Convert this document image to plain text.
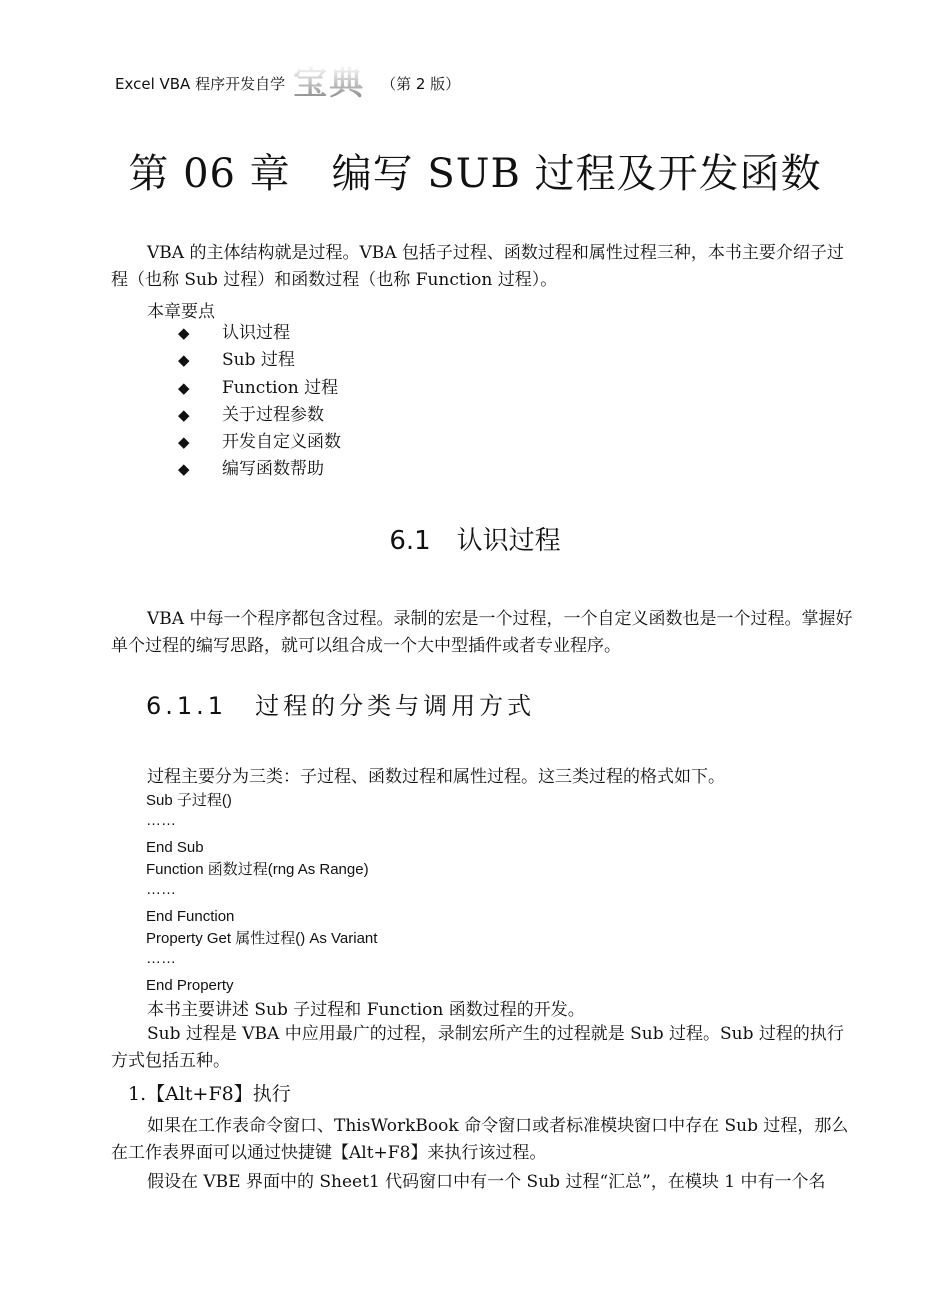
Excel VBA 程序开发自学 宝典 （第 2 版）
第 06 章　编写 SUB 过程及开发函数
VBA 的主体结构就是过程。VBA 包括子过程、函数过程和属性过程三种，本书主要介绍子过程（也称 Sub 过程）和函数过程（也称 Function 过程）。
本章要点
◆	认识过程
◆	Sub 过程
◆	Function 过程
◆	关于过程参数
◆	开发自定义函数
◆	编写函数帮助
6.1　认识过程
VBA 中每一个程序都包含过程。录制的宏是一个过程，一个自定义函数也是一个过程。掌握好单个过程的编写思路，就可以组合成一个大中型插件或者专业程序。
6.1.1　过程的分类与调用方式
过程主要分为三类：子过程、函数过程和属性过程。这三类过程的格式如下。
Sub 子过程()
……
End Sub
Function 函数过程(rng As Range)
……
End Function
Property Get 属性过程() As Variant
……
End Property
本书主要讲述 Sub 子过程和 Function 函数过程的开发。
Sub 过程是 VBA 中应用最广的过程，录制宏所产生的过程就是 Sub 过程。Sub 过程的执行方式包括五种。
1.【Alt+F8】执行
如果在工作表命令窗口、ThisWorkBook 命令窗口或者标准模块窗口中存在 Sub 过程，那么在工作表界面可以通过快捷键【Alt+F8】来执行该过程。
假设在 VBE 界面中的 Sheet1 代码窗口中有一个 Sub 过程“汇总”，在模块 1 中有一个名
